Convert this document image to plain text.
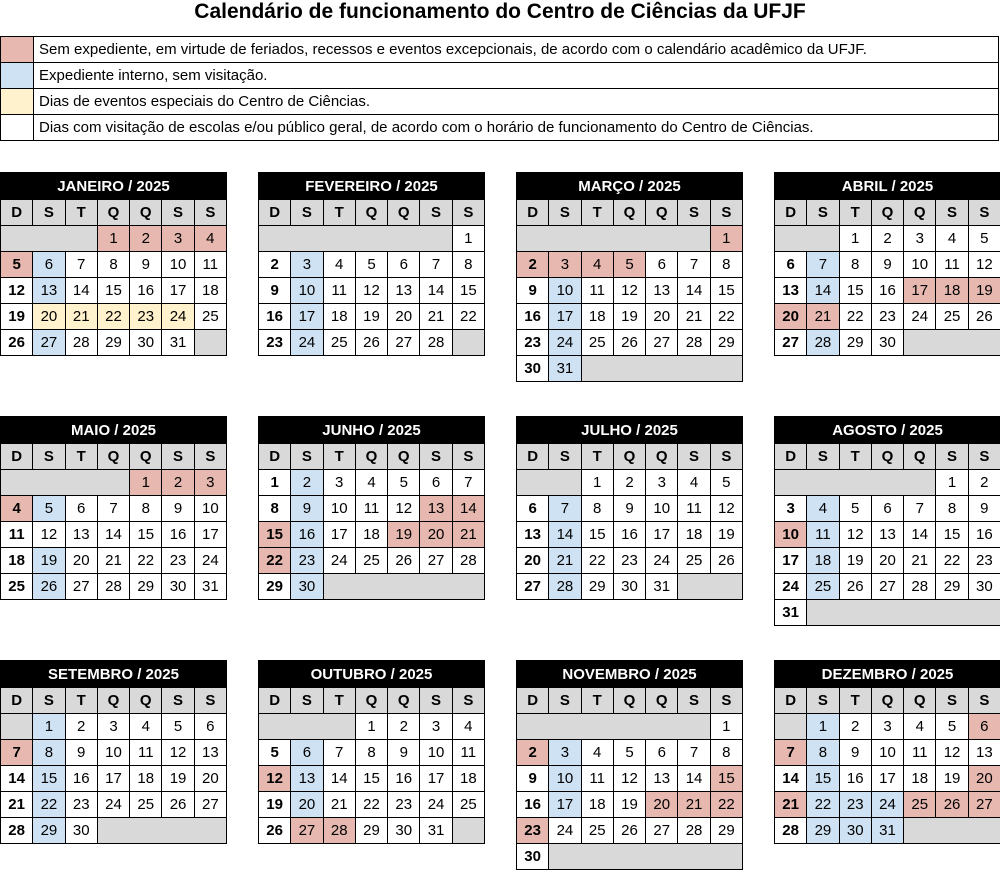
Calendário de funcionamento do Centro de Ciências da UFJF
	Sem expediente, em virtude de feriados, recessos e eventos excepcionais, de acordo com o calendário acadêmico da UFJF.
	Expediente interno, sem visitação.
	Dias de eventos especiais do Centro de Ciências.
	Dias com visitação de escolas e/ou público geral, de acordo com o horário de funcionamento do Centro de Ciências.
JANEIRO / 2025						
D	S	T	Q	Q	S	S
			1	2	3	4
5	6	7	8	9	10	11
12	13	14	15	16	17	18
19	20	21	22	23	24	25
26	27	28	29	30	31	
FEVEREIRO / 2025						
D	S	T	Q	Q	S	S
						1
2	3	4	5	6	7	8
9	10	11	12	13	14	15
16	17	18	19	20	21	22
23	24	25	26	27	28	
MARÇO / 2025						
D	S	T	Q	Q	S	S
						1
2	3	4	5	6	7	8
9	10	11	12	13	14	15
16	17	18	19	20	21	22
23	24	25	26	27	28	29
30	31					
ABRIL / 2025						
D	S	T	Q	Q	S	S
		1	2	3	4	5
6	7	8	9	10	11	12
13	14	15	16	17	18	19
20	21	22	23	24	25	26
27	28	29	30			
MAIO / 2025						
D	S	T	Q	Q	S	S
				1	2	3
4	5	6	7	8	9	10
11	12	13	14	15	16	17
18	19	20	21	22	23	24
25	26	27	28	29	30	31
JUNHO / 2025						
D	S	T	Q	Q	S	S
1	2	3	4	5	6	7
8	9	10	11	12	13	14
15	16	17	18	19	20	21
22	23	24	25	26	27	28
29	30					
JULHO / 2025						
D	S	T	Q	Q	S	S
		1	2	3	4	5
6	7	8	9	10	11	12
13	14	15	16	17	18	19
20	21	22	23	24	25	26
27	28	29	30	31		
AGOSTO / 2025						
D	S	T	Q	Q	S	S
					1	2
3	4	5	6	7	8	9
10	11	12	13	14	15	16
17	18	19	20	21	22	23
24	25	26	27	28	29	30
31						
SETEMBRO / 2025						
D	S	T	Q	Q	S	S
	1	2	3	4	5	6
7	8	9	10	11	12	13
14	15	16	17	18	19	20
21	22	23	24	25	26	27
28	29	30				
OUTUBRO / 2025						
D	S	T	Q	Q	S	S
			1	2	3	4
5	6	7	8	9	10	11
12	13	14	15	16	17	18
19	20	21	22	23	24	25
26	27	28	29	30	31	
NOVEMBRO / 2025						
D	S	T	Q	Q	S	S
						1
2	3	4	5	6	7	8
9	10	11	12	13	14	15
16	17	18	19	20	21	22
23	24	25	26	27	28	29
30						
DEZEMBRO / 2025						
D	S	T	Q	Q	S	S
	1	2	3	4	5	6
7	8	9	10	11	12	13
14	15	16	17	18	19	20
21	22	23	24	25	26	27
28	29	30	31			
